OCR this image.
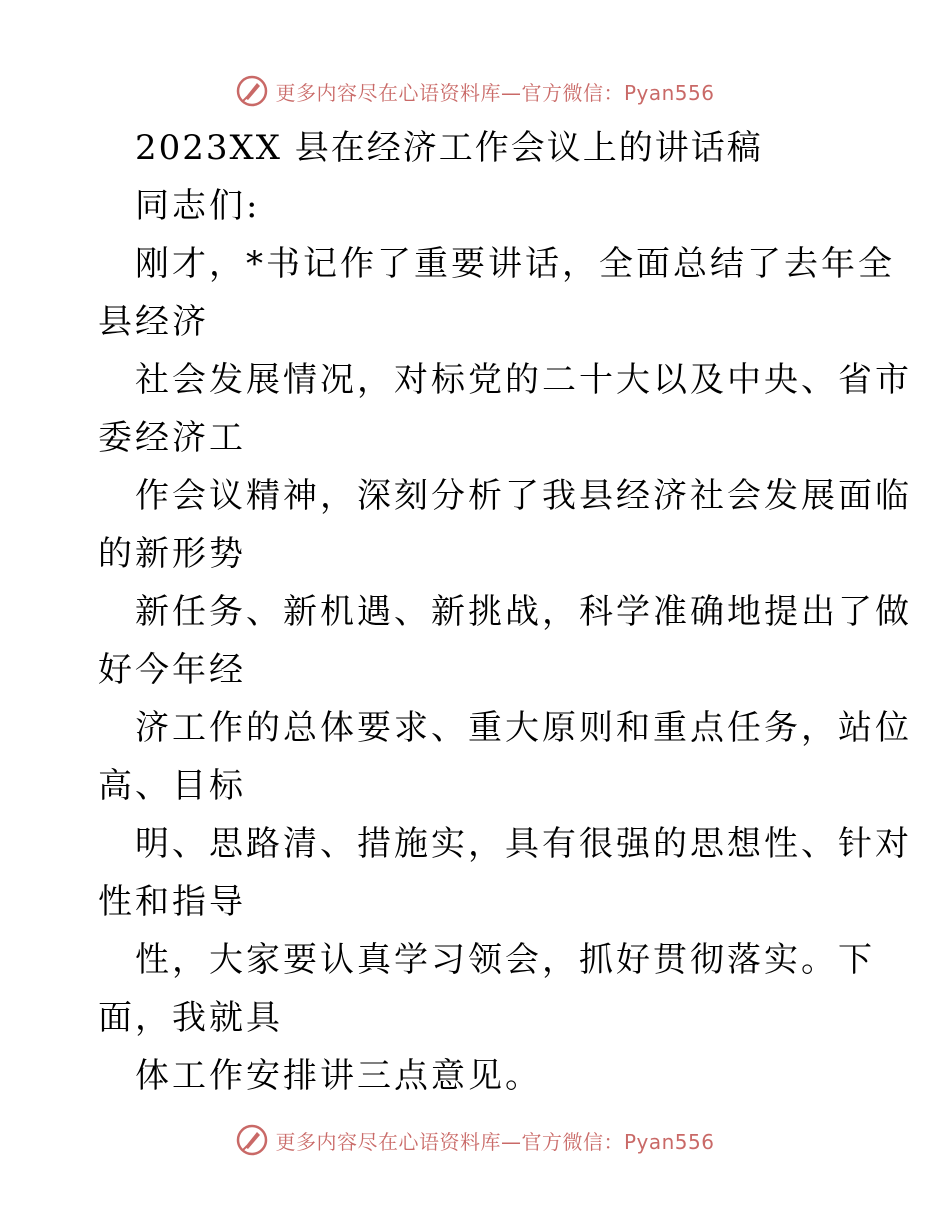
更多内容尽在心语资料库—官方微信：Pyan556
2023XX 县在经济工作会议上的讲话稿
同志们:
刚才，*书记作了重要讲话，全面总结了去年全
县经济
社会发展情况，对标党的二十大以及中央、省市
委经济工
作会议精神，深刻分析了我县经济社会发展面临
的新形势
新任务、新机遇、新挑战，科学准确地提出了做
好今年经
济工作的总体要求、重大原则和重点任务，站位
高、目标
明、思路清、措施实，具有很强的思想性、针对
性和指导
性，大家要认真学习领会，抓好贯彻落实。下
面，我就具
体工作安排讲三点意见。
更多内容尽在心语资料库—官方微信：Pyan556
